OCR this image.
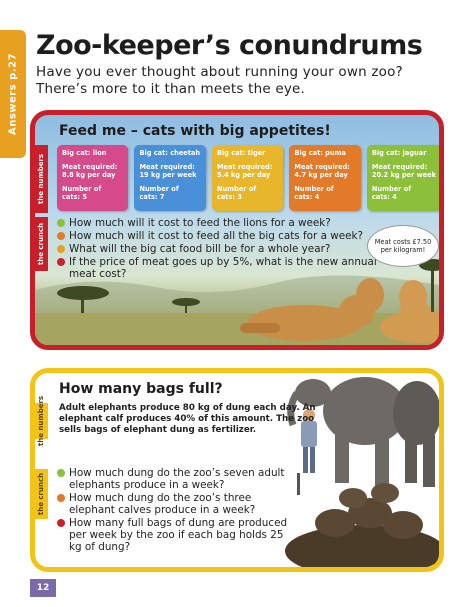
Answers p.27
Zoo-keeper’s conundrums
Have you ever thought about running your own zoo? There’s more to it than meets the eye.
Feed me – cats with big appetites!
the numbers
the crunch
Big cat: lion
Meat required:
8.8 kg per day
Number of
cats: 5
Big cat: cheetah
Meat required:
19 kg per week
Number of
cats: 7
Big cat: tiger
Meat required:
5.4 kg per day
Number of
cats: 3
Big cat: puma
Meat required:
4.7 kg per day
Number of
cats: 4
Big cat: jaguar
Meat required:
20.2 kg per week
Number of
cats: 4
How much will it cost to feed the lions for a week?
How much will it cost to feed all the big cats for a week?
What will the big cat food bill be for a whole year?
If the price of meat goes up by 5%, what is the new annual meat cost?
Meat costs £7.50 per kilogram!
How many bags full?
Adult elephants produce 80 kg of dung each day. An elephant calf produces 40% of this amount. The zoo sells bags of elephant dung as fertilizer.
the numbers
the crunch	How much dung do the zoo’s seven adult elephants produce in a week?
How much dung do the zoo’s three elephant calves produce in a week?
How many full bags of dung are produced per week by the zoo if each bag holds 25 kg of dung?
12
